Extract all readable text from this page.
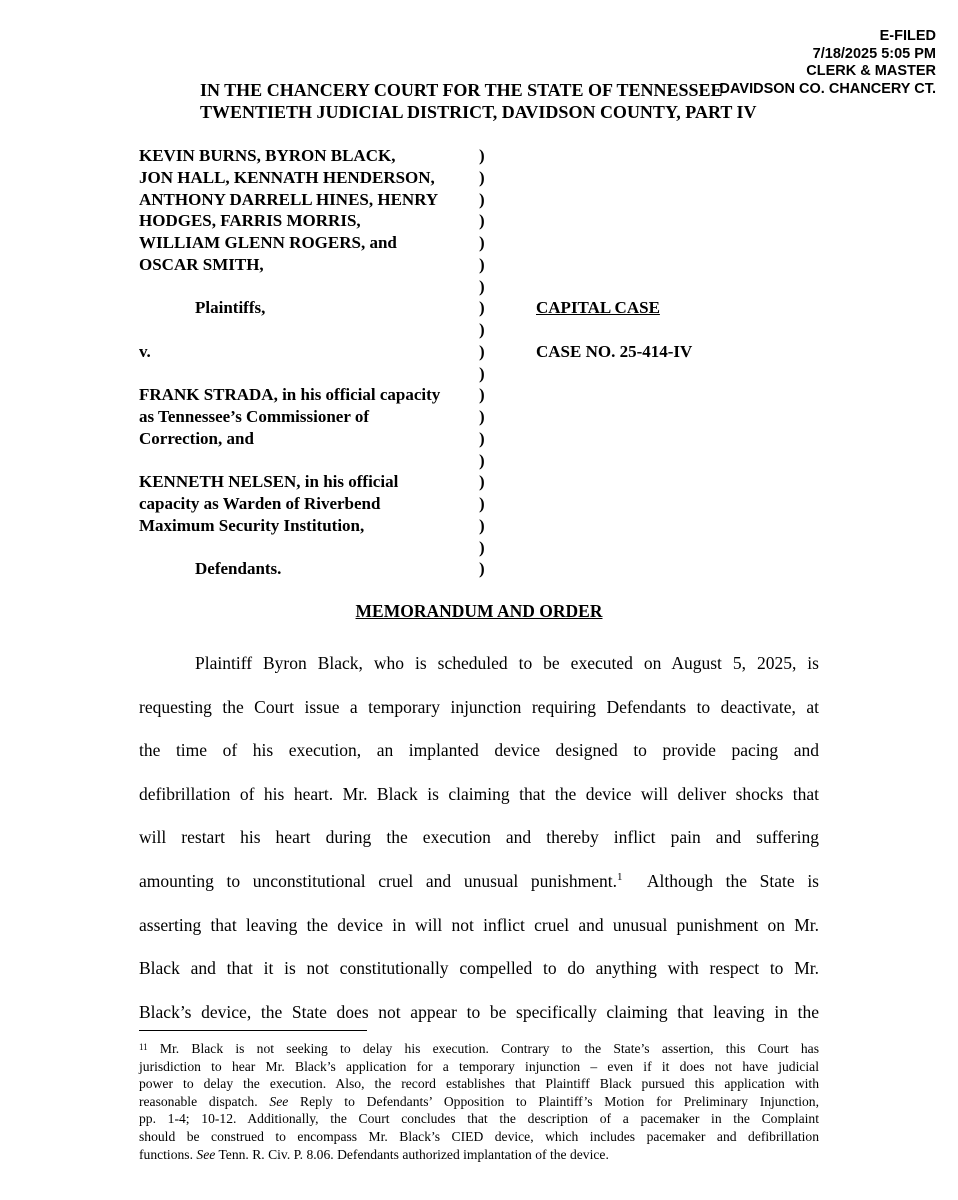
E-FILED
7/18/2025 5:05 PM
CLERK & MASTER
DAVIDSON CO. CHANCERY CT.
IN THE CHANCERY COURT FOR THE STATE OF TENNESSEE
TWENTIETH JUDICIAL DISTRICT, DAVIDSON COUNTY, PART IV
KEVIN BURNS, BYRON BLACK,	)
JON HALL, KENNATH HENDERSON,	)
ANTHONY DARRELL HINES, HENRY )
HODGES, FARRIS MORRIS,	)
WILLIAM GLENN ROGERS, and	)
OSCAR SMITH,	)
)
Plaintiffs,	)	CAPITAL CASE
)
v.	)	CASE NO. 25-414-IV
)
FRANK STRADA, in his official capacity )
as Tennessee’s Commissioner of	)
Correction, and	)
)
KENNETH NELSEN, in his official	)
capacity as Warden of Riverbend	)
Maximum Security Institution,	)
)
Defendants.	)
MEMORANDUM AND ORDER
Plaintiff Byron Black, who is scheduled to be executed on August 5, 2025, is
requesting the Court issue a temporary injunction requiring Defendants to deactivate, at
the time of his execution, an implanted device designed to provide pacing and
defibrillation of his heart. Mr. Black is claiming that the device will deliver shocks that
will restart his heart during the execution and thereby inflict pain and suffering
amounting to unconstitutional cruel and unusual punishment.$^1$  Although the State is
asserting that leaving the device in will not inflict cruel and unusual punishment on Mr.
Black and that it is not constitutionally compelled to do anything with respect to Mr.
Black’s device, the State does not appear to be specifically claiming that leaving in the
$^{11}$ Mr. Black is not seeking to delay his execution. Contrary to the State’s assertion, this Court has
jurisdiction to hear Mr. Black’s application for a temporary injunction – even if it does not have judicial
power to delay the execution. Also, the record establishes that Plaintiff Black pursued this application with
reasonable dispatch. See Reply to Defendants’ Opposition to Plaintiff’s Motion for Preliminary Injunction,
pp. 1-4; 10-12. Additionally, the Court concludes that the description of a pacemaker in the Complaint
should be construed to encompass Mr. Black’s CIED device, which includes pacemaker and defibrillation
functions. See Tenn. R. Civ. P. 8.06. Defendants authorized implantation of the device.
